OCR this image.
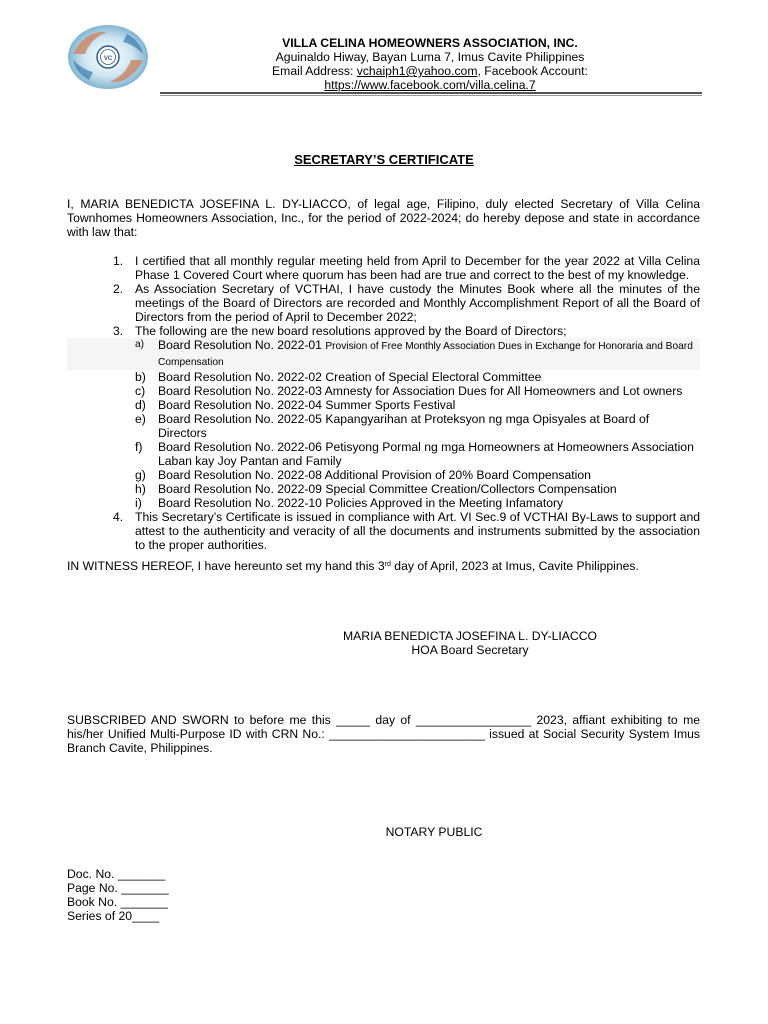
VC
VILLA CELINA HOMEOWNERS ASSOCIATION, INC.
Aguinaldo Hiway, Bayan Luma 7, Imus Cavite Philippines
Email Address: vchaiph1@yahoo.com, Facebook Account:
https://www.facebook.com/villa.celina.7
SECRETARY’S CERTIFICATE
I, MARIA BENEDICTA JOSEFINA L. DY-LIACCO, of legal age, Filipino, duly elected Secretary of Villa Celina Townhomes Homeowners Association, Inc., for the period of 2022-2024; do hereby depose and state in accordance with law that:
1. I certified that all monthly regular meeting held from April to December for the year 2022 at Villa Celina Phase 1 Covered Court where quorum has been had are true and correct to the best of my knowledge.
2. As Association Secretary of VCTHAI, I have custody the Minutes Book where all the minutes of the meetings of the Board of Directors are recorded and Monthly Accomplishment Report of all the Board of Directors from the period of April to December 2022;
3. The following are the new board resolutions approved by the Board of Directors;
a) Board Resolution No. 2022-01 Provision of Free Monthly Association Dues in Exchange for Honoraria and Board Compensation
b) Board Resolution No. 2022-02 Creation of Special Electoral Committee
c) Board Resolution No. 2022-03 Amnesty for Association Dues for All Homeowners and Lot owners
d) Board Resolution No. 2022-04 Summer Sports Festival
e) Board Resolution No. 2022-05 Kapangyarihan at Proteksyon ng mga Opisyales at Board of Directors
f) Board Resolution No. 2022-06 Petisyong Pormal ng mga Homeowners at Homeowners Association Laban kay Joy Pantan and Family
g) Board Resolution No. 2022-08 Additional Provision of 20% Board Compensation
h) Board Resolution No. 2022-09 Special Committee Creation/Collectors Compensation
i) Board Resolution No. 2022-10 Policies Approved in the Meeting Infamatory
4. This Secretary’s Certificate is issued in compliance with Art. VI Sec.9 of VCTHAI By-Laws to support and attest to the authenticity and veracity of all the documents and instruments submitted by the association to the proper authorities.
IN WITNESS HEREOF, I have hereunto set my hand this 3rd day of April, 2023 at Imus, Cavite Philippines.
MARIA BENEDICTA JOSEFINA L. DY-LIACCO
HOA Board Secretary
SUBSCRIBED AND SWORN to before me this _____ day of _________________ 2023, affiant exhibiting to me his/her Unified Multi-Purpose ID with CRN No.: _______________________ issued at Social Security System Imus Branch Cavite, Philippines.
NOTARY PUBLIC
Doc. No. _______
Page No. _______
Book No. _______
Series of 20____
